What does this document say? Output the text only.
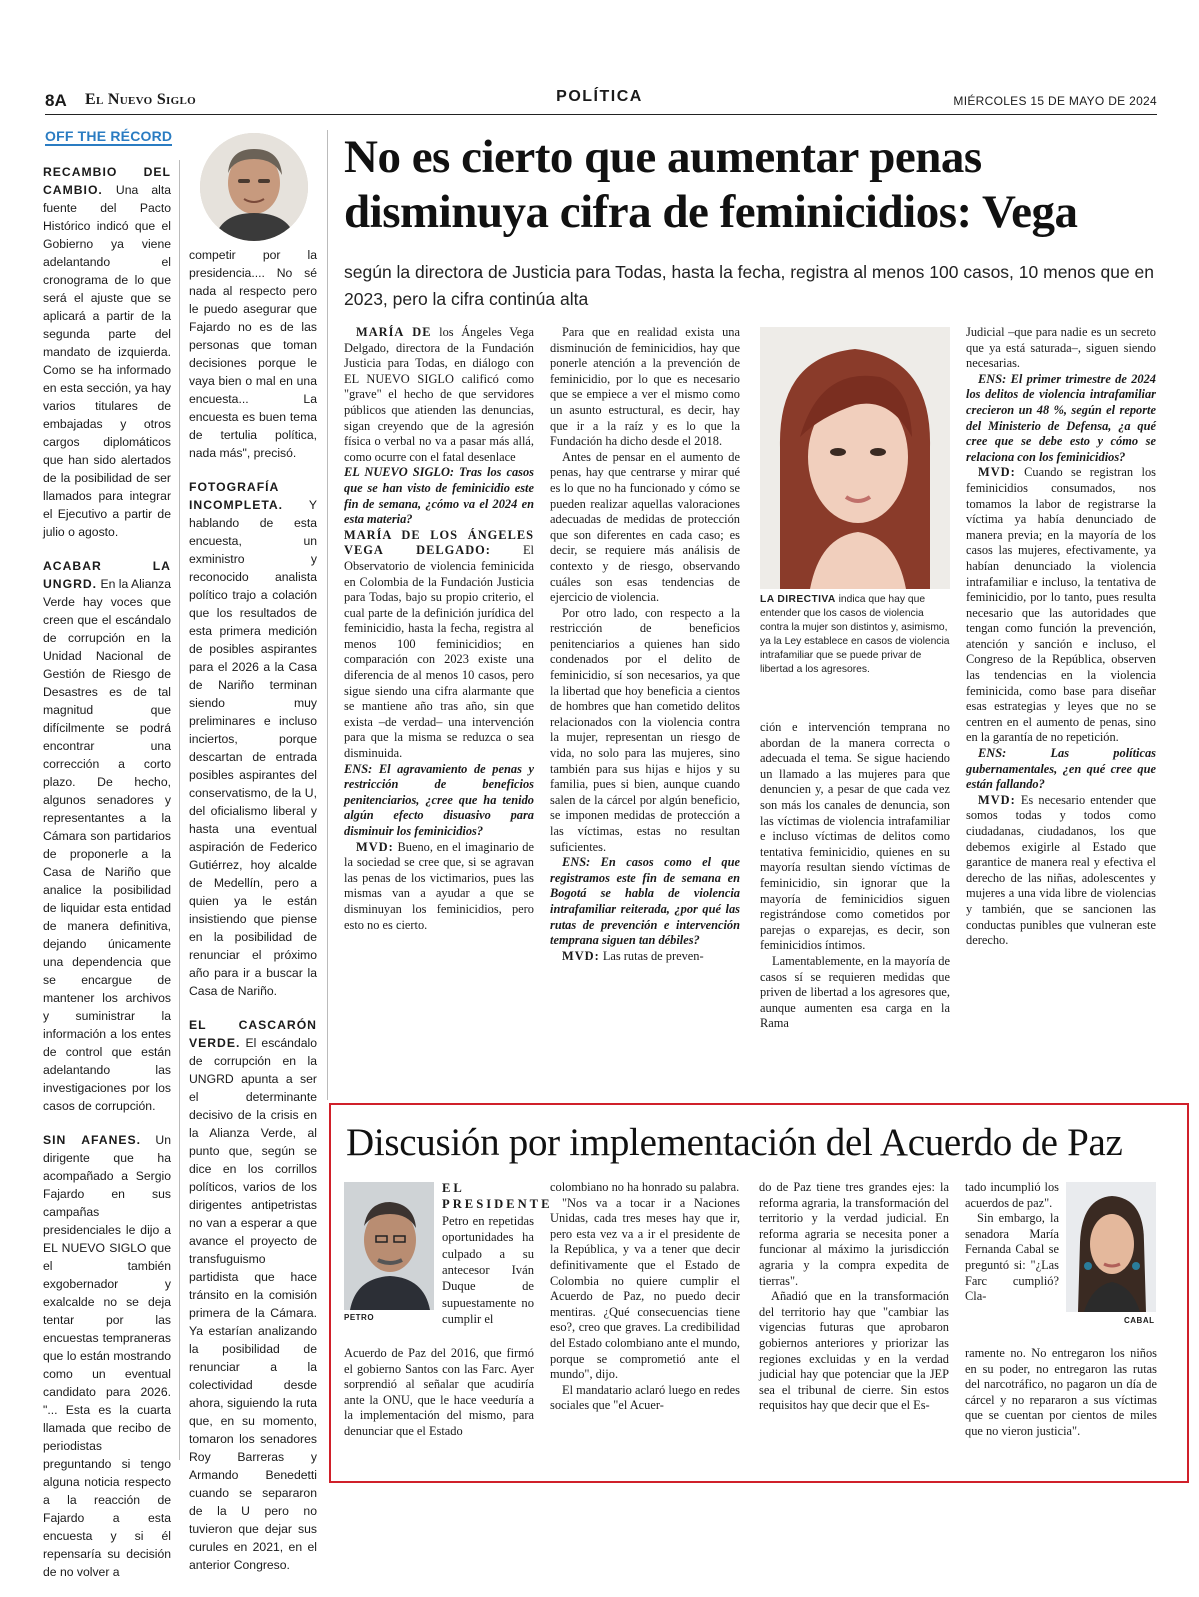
8A El Nuevo Siglo	POLÍTICA	MIÉRCOLES 15 DE MAYO DE 2024
OFF THE RÉCORD

RECAMBIO DEL CAMBIO. Una alta fuente del Pacto Histórico indicó que el Gobierno ya viene adelantando el cronograma de lo que será el ajuste que se aplicará a partir de la segunda parte del mandato de izquierda. Como se ha informado en esta sección, ya hay varios titulares de embajadas y otros cargos diplomáticos que han sido alertados de la posibilidad de ser llamados para integrar el Ejecutivo a partir de julio o agosto.

ACABAR LA UNGRD. En la Alianza Verde hay voces que creen que el escándalo de corrupción en la Unidad Nacional de Gestión de Riesgo de Desastres es de tal magnitud que difícilmente se podrá encontrar una corrección a corto plazo. De hecho, algunos senadores y representantes a la Cámara son partidarios de proponerle a la Casa de Nariño que analice la posibilidad de liquidar esta entidad de manera definitiva, dejando únicamente una dependencia que se encargue de mantener los archivos y suministrar la información a los entes de control que están adelantando las investigaciones por los casos de corrupción.

SIN AFANES. Un dirigente que ha acompañado a Sergio Fajardo en sus campañas presidenciales le dijo a EL NUEVO SIGLO que el también exgobernador y exalcalde no se deja tentar por las encuestas tempraneras que lo están mostrando como un eventual candidato para 2026. "... Esta es la cuarta llamada que recibo de periodistas preguntando si tengo alguna noticia respecto a la reacción de Fajardo a esta encuesta y si él repensaría su decisión de no volver a

competir por la presidencia.... No sé nada al respecto pero le puedo asegurar que Fajardo no es de las personas que toman decisiones porque le vaya bien o mal en una encuesta... La encuesta es buen tema de tertulia política, nada más", precisó.

FOTOGRAFÍA INCOMPLETA. Y hablando de esta encuesta, un exministro y reconocido analista político trajo a colación que los resultados de esta primera medición de posibles aspirantes para el 2026 a la Casa de Nariño terminan siendo muy preliminares e incluso inciertos, porque descartan de entrada posibles aspirantes del conservatismo, de la U, del oficialismo liberal y hasta una eventual aspiración de Federico Gutiérrez, hoy alcalde de Medellín, pero a quien ya le están insistiendo que piense en la posibilidad de renunciar el próximo año para ir a buscar la Casa de Nariño.

EL CASCARÓN VERDE. El escándalo de corrupción en la UNGRD apunta a ser el determinante decisivo de la crisis en la Alianza Verde, al punto que, según se dice en los corrillos políticos, varios de los dirigentes antipetristas no van a esperar a que avance el proyecto de transfuguismo partidista que hace tránsito en la comisión primera de la Cámara. Ya estarían analizando la posibilidad de renunciar a la colectividad desde ahora, siguiendo la ruta que, en su momento, tomaron los senadores Roy Barreras y Armando Benedetti cuando se separaron de la U pero no tuvieron que dejar sus curules en 2021, en el anterior Congreso.

No es cierto que aumentar penas disminuya cifra de feminicidios: Vega
según la directora de Justicia para Todas, hasta la fecha, registra al menos 100 casos, 10 menos que en 2023, pero la cifra continúa alta

MARÍA DE los Ángeles Vega Delgado, directora de la Fundación Justicia para Todas, en diálogo con EL NUEVO SIGLO calificó como "grave" el hecho de que servidores públicos que atienden las denuncias, sigan creyendo que de la agresión física o verbal no va a pasar más allá, como ocurre con el fatal desenlace

EL NUEVO SIGLO: Tras los casos que se han visto de feminicidio este fin de semana, ¿cómo va el 2024 en esta materia?

MARÍA DE LOS ÁNGELES VEGA DELGADO: El Observatorio de violencia feminicida en Colombia de la Fundación Justicia para Todas, bajo su propio criterio, el cual parte de la definición jurídica del feminicidio, hasta la fecha, registra al menos 100 feminicidios; en comparación con 2023 existe una diferencia de al menos 10 casos, pero sigue siendo una cifra alarmante que se mantiene año tras año, sin que exista –de verdad– una intervención para que la misma se reduzca o sea disminuida.

ENS: El agravamiento de penas y restricción de beneficios penitenciarios, ¿cree que ha tenido algún efecto disuasivo para disminuir los feminicidios?

MVD: Bueno, en el imaginario de la sociedad se cree que, si se agravan las penas de los victimarios, pues las mismas van a ayudar a que se disminuyan los feminicidios, pero esto no es cierto.

Para que en realidad exista una disminución de feminicidios, hay que ponerle atención a la prevención de feminicidio, por lo que es necesario que se empiece a ver el mismo como un asunto estructural, es decir, hay que ir a la raíz y es lo que la Fundación ha dicho desde el 2018.

Antes de pensar en el aumento de penas, hay que centrarse y mirar qué es lo que no ha funcionado y cómo se pueden realizar aquellas valoraciones adecuadas de medidas de protección que son diferentes en cada caso; es decir, se requiere más análisis de contexto y de riesgo, observando cuáles son esas tendencias de ejercicio de violencia.

Por otro lado, con respecto a la restricción de beneficios penitenciarios a quienes han sido condenados por el delito de feminicidio, sí son necesarios, ya que la libertad que hoy beneficia a cientos de hombres que han cometido delitos relacionados con la violencia contra la mujer, representan un riesgo de vida, no solo para las mujeres, sino también para sus hijas e hijos y su familia, pues si bien, aunque cuando salen de la cárcel por algún beneficio, se imponen medidas de protección a las víctimas, estas no resultan suficientes.

ENS: En casos como el que registramos este fin de semana en Bogotá se habla de violencia intrafamiliar reiterada, ¿por qué las rutas de prevención e intervención temprana siguen tan débiles?

MVD: Las rutas de preven-

LA DIRECTIVA indica que hay que entender que los casos de violencia contra la mujer son distintos y, asimismo, ya la Ley establece en casos de violencia intrafamiliar que se puede privar de libertad a los agresores.

ción e intervención temprana no abordan de la manera correcta o adecuada el tema. Se sigue haciendo un llamado a las mujeres para que denuncien y, a pesar de que cada vez son más los canales de denuncia, son las víctimas de violencia intrafamiliar e incluso víctimas de delitos como tentativa feminicidio, quienes en su mayoría resultan siendo víctimas de feminicidio, sin ignorar que la mayoría de feminicidios siguen registrándose como cometidos por parejas o exparejas, es decir, son feminicidios íntimos.

Lamentablemente, en la mayoría de casos sí se requieren medidas que priven de libertad a los agresores que, aunque aumenten esa carga en la Rama

Judicial –que para nadie es un secreto que ya está saturada–, siguen siendo necesarias.

ENS: El primer trimestre de 2024 los delitos de violencia intrafamiliar crecieron un 48 %, según el reporte del Ministerio de Defensa, ¿a qué cree que se debe esto y cómo se relaciona con los feminicidios?

MVD: Cuando se registran los feminicidios consumados, nos tomamos la labor de registrarse la víctima ya había denunciado de manera previa; en la mayoría de los casos las mujeres, efectivamente, ya habían denunciado la violencia intrafamiliar e incluso, la tentativa de feminicidio, por lo tanto, pues resulta necesario que las autoridades que tengan como función la prevención, atención y sanción e incluso, el Congreso de la República, observen las tendencias en la violencia feminicida, como base para diseñar esas estrategias y leyes que no se centren en el aumento de penas, sino en la garantía de no repetición.

ENS: Las políticas gubernamentales, ¿en qué cree que están fallando?

MVD: Es necesario entender que somos todas y todos como ciudadanas, ciudadanos, los que debemos exigirle al Estado que garantice de manera real y efectiva el derecho de las niñas, adolescentes y mujeres a una vida libre de violencias y también, que se sancionen las conductas punibles que vulneran este derecho.

Discusión por implementación del Acuerdo de Paz
PETRO

EL PRESIDENTE Petro en repetidas oportunidades ha culpado a su antecesor Iván Duque de supuestamente no cumplir el

Acuerdo de Paz del 2016, que firmó el gobierno Santos con las Farc. Ayer sorprendió al señalar que acudiría ante la ONU, que le hace veeduría a la implementación del mismo, para denunciar que el Estado

colombiano no ha honrado su palabra.

"Nos va a tocar ir a Naciones Unidas, cada tres meses hay que ir, pero esta vez va a ir el presidente de la República, y va a tener que decir definitivamente que el Estado de Colombia no quiere cumplir el Acuerdo de Paz, no puedo decir mentiras. ¿Qué consecuencias tiene eso?, creo que graves. La credibilidad del Estado colombiano ante el mundo, porque se comprometió ante el mundo", dijo.

El mandatario aclaró luego en redes sociales que "el Acuer-

do de Paz tiene tres grandes ejes: la reforma agraria, la transformación del territorio y la verdad judicial. En reforma agraria se necesita poner a funcionar al máximo la jurisdicción agraria y la compra expedita de tierras".

Añadió que en la transformación del territorio hay que "cambiar las vigencias futuras que aprobaron gobiernos anteriores y priorizar las regiones excluidas y en la verdad judicial hay que potenciar que la JEP sea el tribunal de cierre. Sin estos requisitos hay que decir que el Es-

tado incumplió los acuerdos de paz".

Sin embargo, la senadora María Fernanda Cabal se preguntó si: "¿Las Farc cumplió? Cla-

CABAL

ramente no. No entregaron los niños en su poder, no entregaron las rutas del narcotráfico, no pagaron un día de cárcel y no repararon a sus víctimas que se cuentan por cientos de miles que no vieron justicia".
